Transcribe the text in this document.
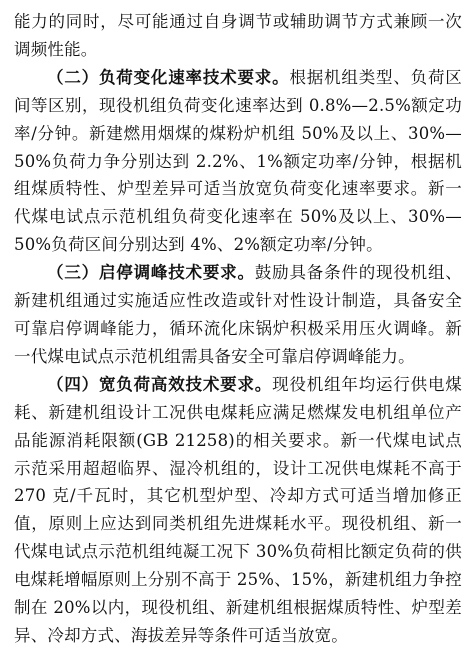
能力的同时，尽可能通过自身调节或辅助调节方式兼顾一次调频性能。

（二）负荷变化速率技术要求。根据机组类型、负荷区间等区别，现役机组负荷变化速率达到 0.8%—2.5%额定功率/分钟。新建燃用烟煤的煤粉炉机组 50%及以上、30%—50%负荷力争分别达到 2.2%、1%额定功率/分钟，根据机组煤质特性、炉型差异可适当放宽负荷变化速率要求。新一代煤电试点示范机组负荷变化速率在 50%及以上、30%—50%负荷区间分别达到 4%、2%额定功率/分钟。

（三）启停调峰技术要求。鼓励具备条件的现役机组、新建机组通过实施适应性改造或针对性设计制造，具备安全可靠启停调峰能力，循环流化床锅炉积极采用压火调峰。新一代煤电试点示范机组需具备安全可靠启停调峰能力。

（四）宽负荷高效技术要求。现役机组年均运行供电煤耗、新建机组设计工况供电煤耗应满足燃煤发电机组单位产品能源消耗限额(GB 21258)的相关要求。新一代煤电试点示范采用超超临界、湿冷机组的，设计工况供电煤耗不高于 270 克/千瓦时，其它机型炉型、冷却方式可适当增加修正值，原则上应达到同类机组先进煤耗水平。现役机组、新一代煤电试点示范机组纯凝工况下 30%负荷相比额定负荷的供电煤耗增幅原则上分别不高于 25%、15%，新建机组力争控制在 20%以内，现役机组、新建机组根据煤质特性、炉型差异、冷却方式、海拔差异等条件可适当放宽。
